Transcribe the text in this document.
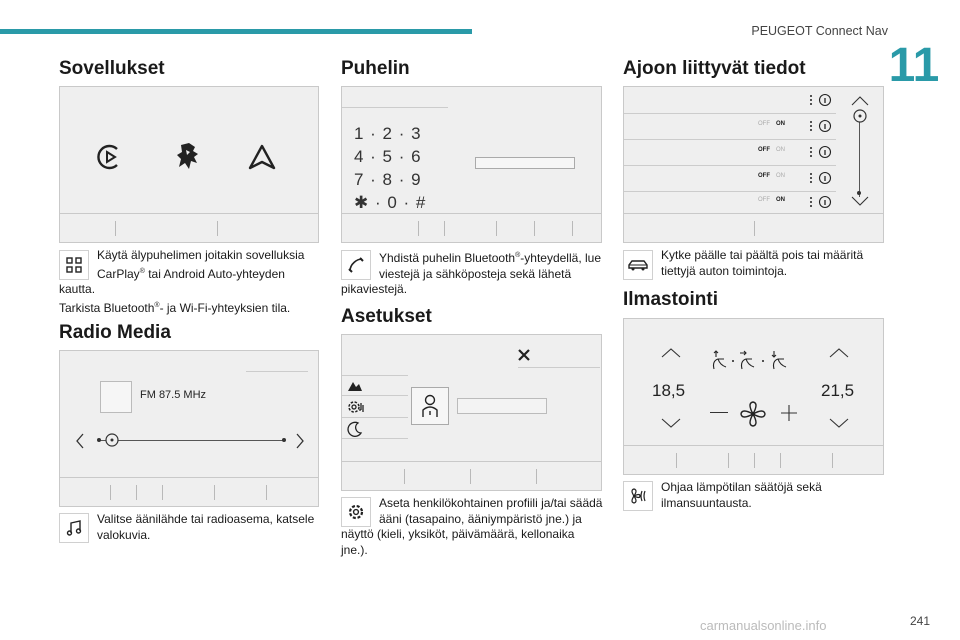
PEUGEOT Connect Nav
11
Sovellukset
Käytä älypuhelimen joitakin sovelluksia
CarPlay® tai Android Auto-yhteyden
kautta.
Tarkista Bluetooth®- ja Wi-Fi-yhteyksien tila.
Radio Media
FM 87.5 MHz
Valitse äänilähde tai radioasema, katsele
valokuvia.
Puhelin
1 · 2 · 3
4 · 5 · 6
7 · 8 · 9
✱ · 0 · #
Yhdistä puhelin Bluetooth®-yhteydellä, lue
viestejä ja sähköposteja sekä lähetä
pikaviestejä.
Asetukset
Aseta henkilökohtainen profiili ja/tai säädä
ääni (tasapaino, ääniympäristö jne.) ja
näyttö (kieli, yksiköt, päivämäärä, kellonaika
jne.).
Ajoon liittyvät tiedot
OFF ON
OFF ON
OFF ON
OFF ON
Kytke päälle tai päältä pois tai määritä
tiettyjä auton toimintoja.
Ilmastointi
18,5	21,5
Ohjaa lämpötilan säätöjä sekä
ilmansuuntausta.
carmanualsonline.info	241
